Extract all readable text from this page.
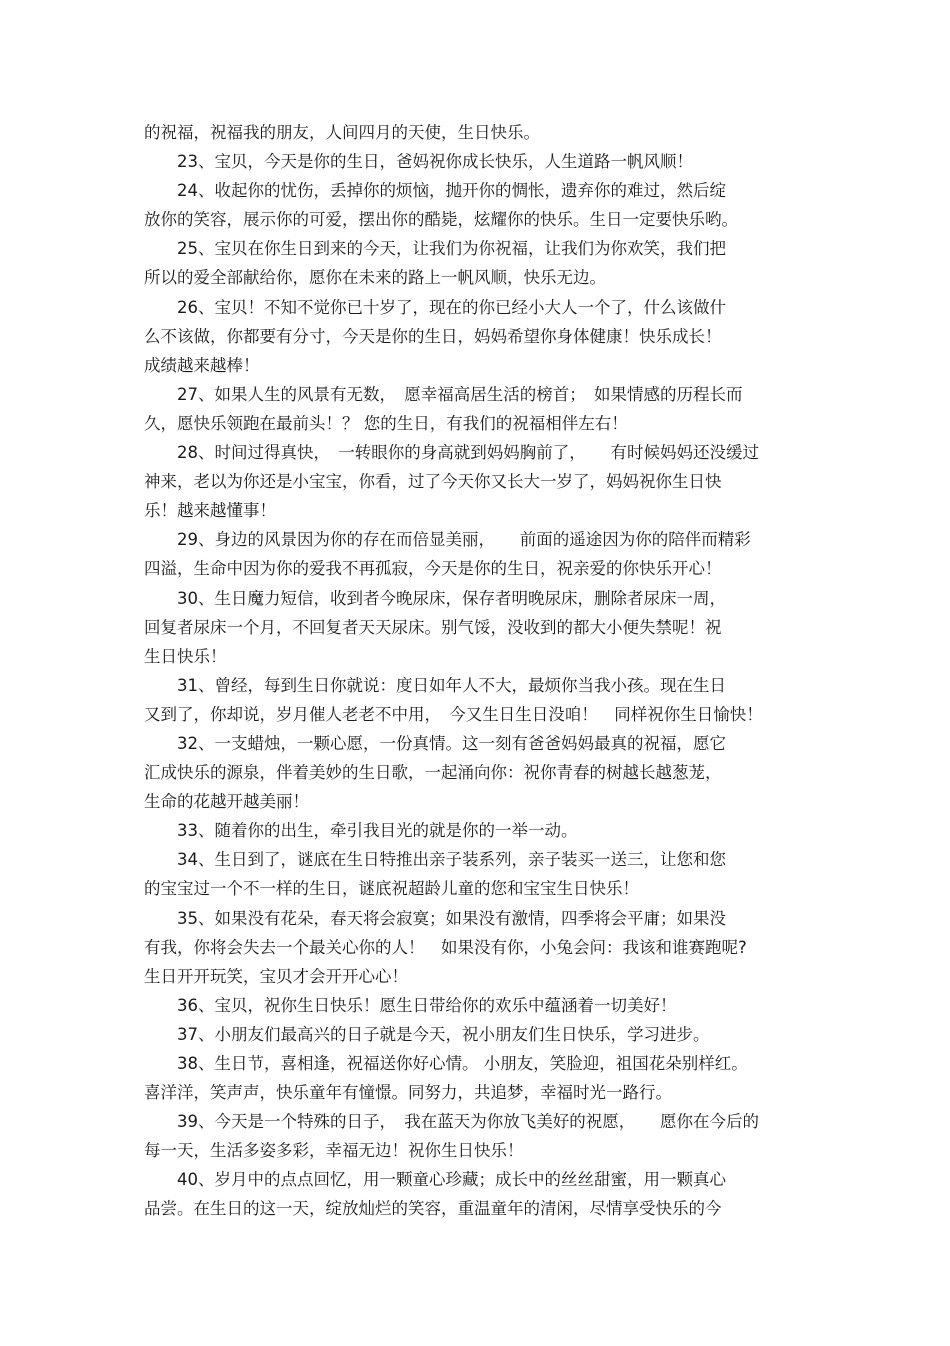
的祝福，祝福我的朋友，人间四月的天使，生日快乐。
23、宝贝，今天是你的生日，爸妈祝你成长快乐，人生道路一帆风顺！
24、收起你的忧伤，丢掉你的烦恼，抛开你的惆怅，遗弃你的难过，然后绽
放你的笑容，展示你的可爱，摆出你的酷毙，炫耀你的快乐。生日一定要快乐哟。
25、宝贝在你生日到来的今天，让我们为你祝福，让我们为你欢笑，我们把
所以的爱全部献给你，愿你在未来的路上一帆风顺，快乐无边。
26、宝贝！不知不觉你已十岁了，现在的你已经小大人一个了，什么该做什
么不该做，你都要有分寸，今天是你的生日，妈妈希望你身体健康！快乐成长！
成绩越来越棒！
27、如果人生的风景有无数，　愿幸福高居生活的榜首；　如果情感的历程长而
久，愿快乐领跑在最前头！？ 您的生日，有我们的祝福相伴左右！
28、时间过得真快，　一转眼你的身高就到妈妈胸前了，　　有时候妈妈还没缓过
神来，老以为你还是小宝宝，你看，过了今天你又长大一岁了，妈妈祝你生日快
乐！越来越懂事！
29、身边的风景因为你的存在而倍显美丽，　　前面的遥途因为你的陪伴而精彩
四溢，生命中因为你的爱我不再孤寂，今天是你的生日，祝亲爱的你快乐开心！
30、生日魔力短信，收到者今晚尿床，保存者明晚尿床，删除者尿床一周，
回复者尿床一个月，不回复者天天尿床。别气馁，没收到的都大小便失禁呢！祝
生日快乐！
31、曾经，每到生日你就说：度日如年人不大，最烦你当我小孩。现在生日
又到了，你却说，岁月催人老老不中用，　今又生日生日没咱！　同样祝你生日愉快！
32、一支蜡烛，一颗心愿，一份真情。这一刻有爸爸妈妈最真的祝福，愿它
汇成快乐的源泉，伴着美妙的生日歌，一起涌向你：祝你青春的树越长越葱茏，
生命的花越开越美丽！
33、随着你的出生，牵引我目光的就是你的一举一动。
34、生日到了，谜底在生日特推出亲子装系列，亲子装买一送三，让您和您
的宝宝过一个不一样的生日，谜底祝超龄儿童的您和宝宝生日快乐！
35、如果没有花朵，春天将会寂寞；如果没有激情，四季将会平庸；如果没
有我，你将会失去一个最关心你的人！　如果没有你，小兔会问：我该和谁赛跑呢?
生日开开玩笑，宝贝才会开开心心！
36、宝贝，祝你生日快乐！愿生日带给你的欢乐中蕴涵着一切美好！
37、小朋友们最高兴的日子就是今天，祝小朋友们生日快乐，学习进步。
38、生日节，喜相逢，祝福送你好心情。 小朋友，笑脸迎，祖国花朵别样红。
喜洋洋，笑声声，快乐童年有憧憬。同努力，共追梦，幸福时光一路行。
39、今天是一个特殊的日子，　我在蓝天为你放飞美好的祝愿，　　愿你在今后的
每一天，生活多姿多彩，幸福无边！祝你生日快乐！
40、岁月中的点点回忆，用一颗童心珍藏；成长中的丝丝甜蜜，用一颗真心
品尝。在生日的这一天，绽放灿烂的笑容，重温童年的清闲，尽情享受快乐的今
